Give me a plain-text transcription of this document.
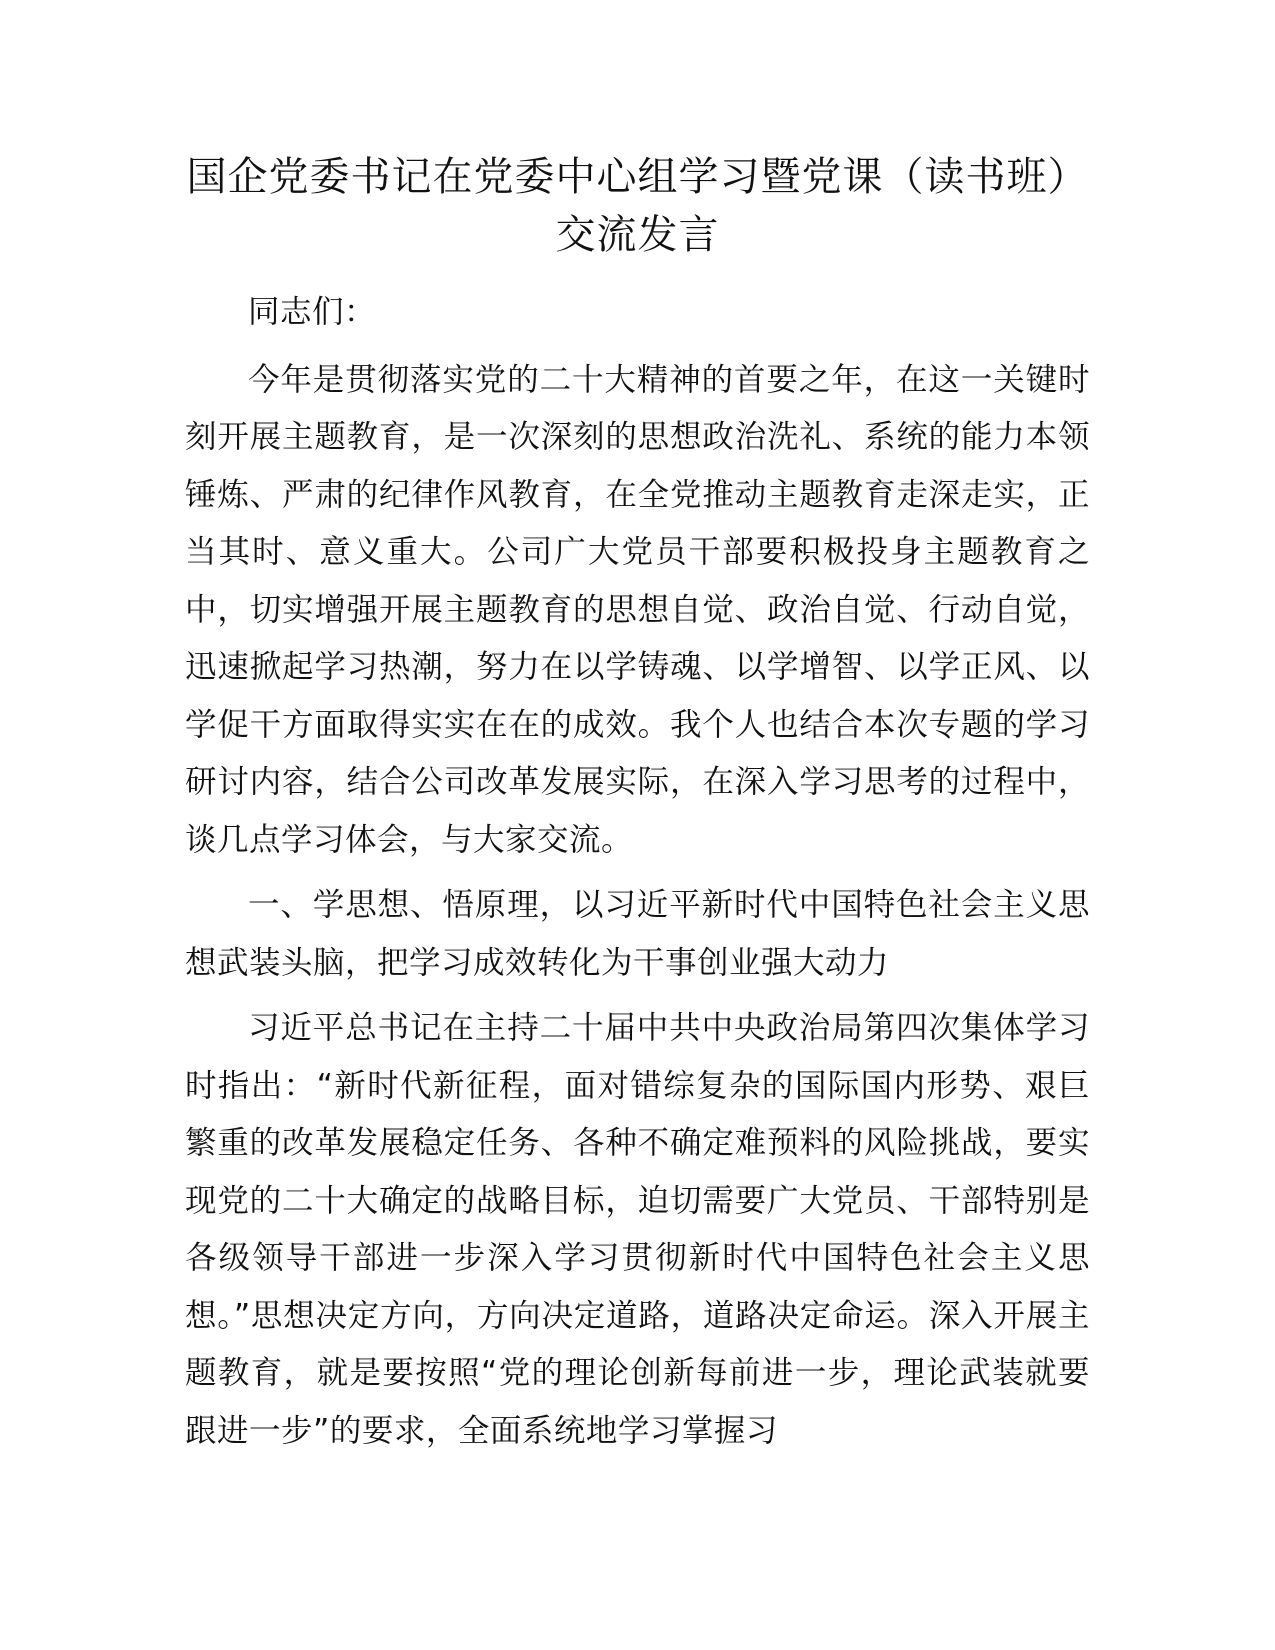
国企党委书记在党委中心组学习暨党课（读书班）交流发言

同志们：

今年是贯彻落实党的二十大精神的首要之年，在这一关键时刻开展主题教育，是一次深刻的思想政治洗礼、系统的能力本领锤炼、严肃的纪律作风教育，在全党推动主题教育走深走实，正当其时、意义重大。公司广大党员干部要积极投身主题教育之中，切实增强开展主题教育的思想自觉、政治自觉、行动自觉，迅速掀起学习热潮，努力在以学铸魂、以学增智、以学正风、以学促干方面取得实实在在的成效。我个人也结合本次专题的学习研讨内容，结合公司改革发展实际，在深入学习思考的过程中，谈几点学习体会，与大家交流。

一、学思想、悟原理，以习近平新时代中国特色社会主义思想武装头脑，把学习成效转化为干事创业强大动力

习近平总书记在主持二十届中共中央政治局第四次集体学习时指出：“新时代新征程，面对错综复杂的国际国内形势、艰巨繁重的改革发展稳定任务、各种不确定难预料的风险挑战，要实现党的二十大确定的战略目标，迫切需要广大党员、干部特别是各级领导干部进一步深入学习贯彻新时代中国特色社会主义思想。”思想决定方向，方向决定道路，道路决定命运。深入开展主题教育，就是要按照“党的理论创新每前进一步，理论武装就要跟进一步”的要求，全面系统地学习掌握习
